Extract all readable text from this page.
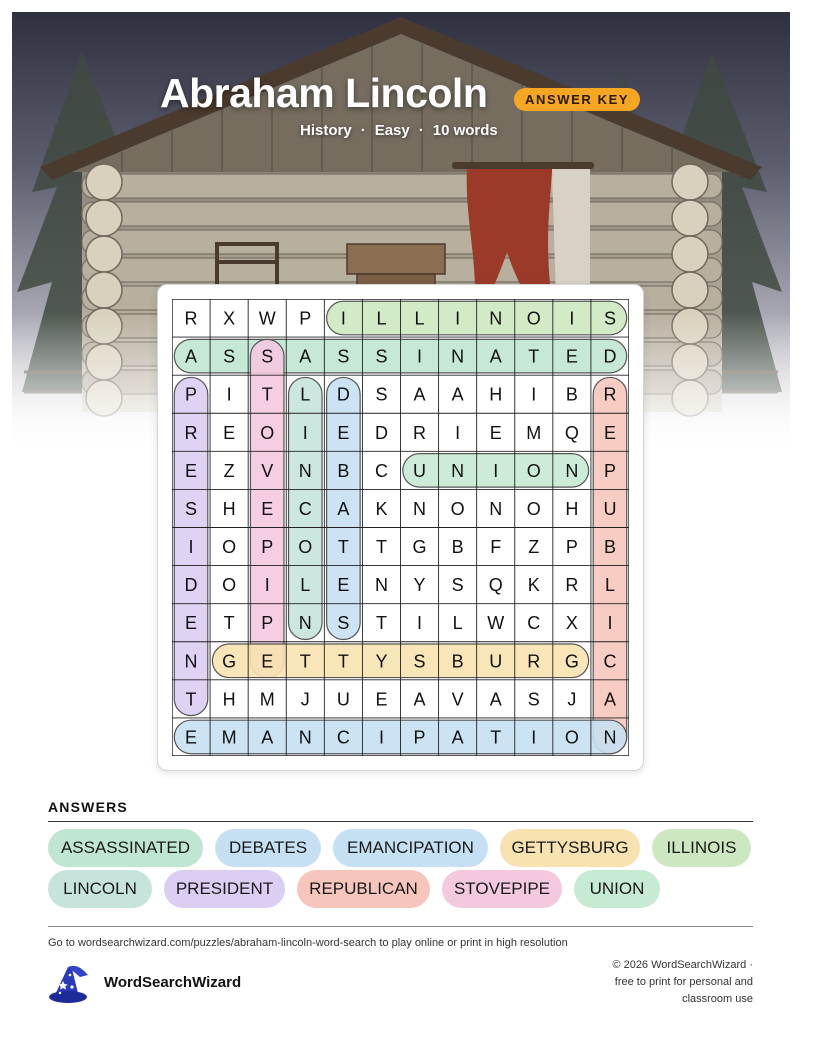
Abraham Lincoln	ANSWER KEY
History · Easy · 10 words
R X W P I L L I N O I S
A S S A S S I N A T E D
P I T L D S A A H I B R
R E O I E D R I E M Q E
E Z V N B C U N I O N P
S H E C A K N O N O H U
I O P O T T G B F Z P B
D O I L E N Y S Q K R L
E T P N S T I L W C X I
N G E T T Y S B U R G C
T H M J U E A V A S J A
E M A N C I P A T I O N
ANSWERS
ASSASSINATED	DEBATES	EMANCIPATION	GETTYSBURG	ILLINOIS
LINCOLN	PRESIDENT	REPUBLICAN	STOVEPIPE	UNION
Go to wordsearchwizard.com/puzzles/abraham-lincoln-word-search to play online or print in high resolution
WordSearchWizard
© 2026 WordSearchWizard ·
free to print for personal and
classroom use
